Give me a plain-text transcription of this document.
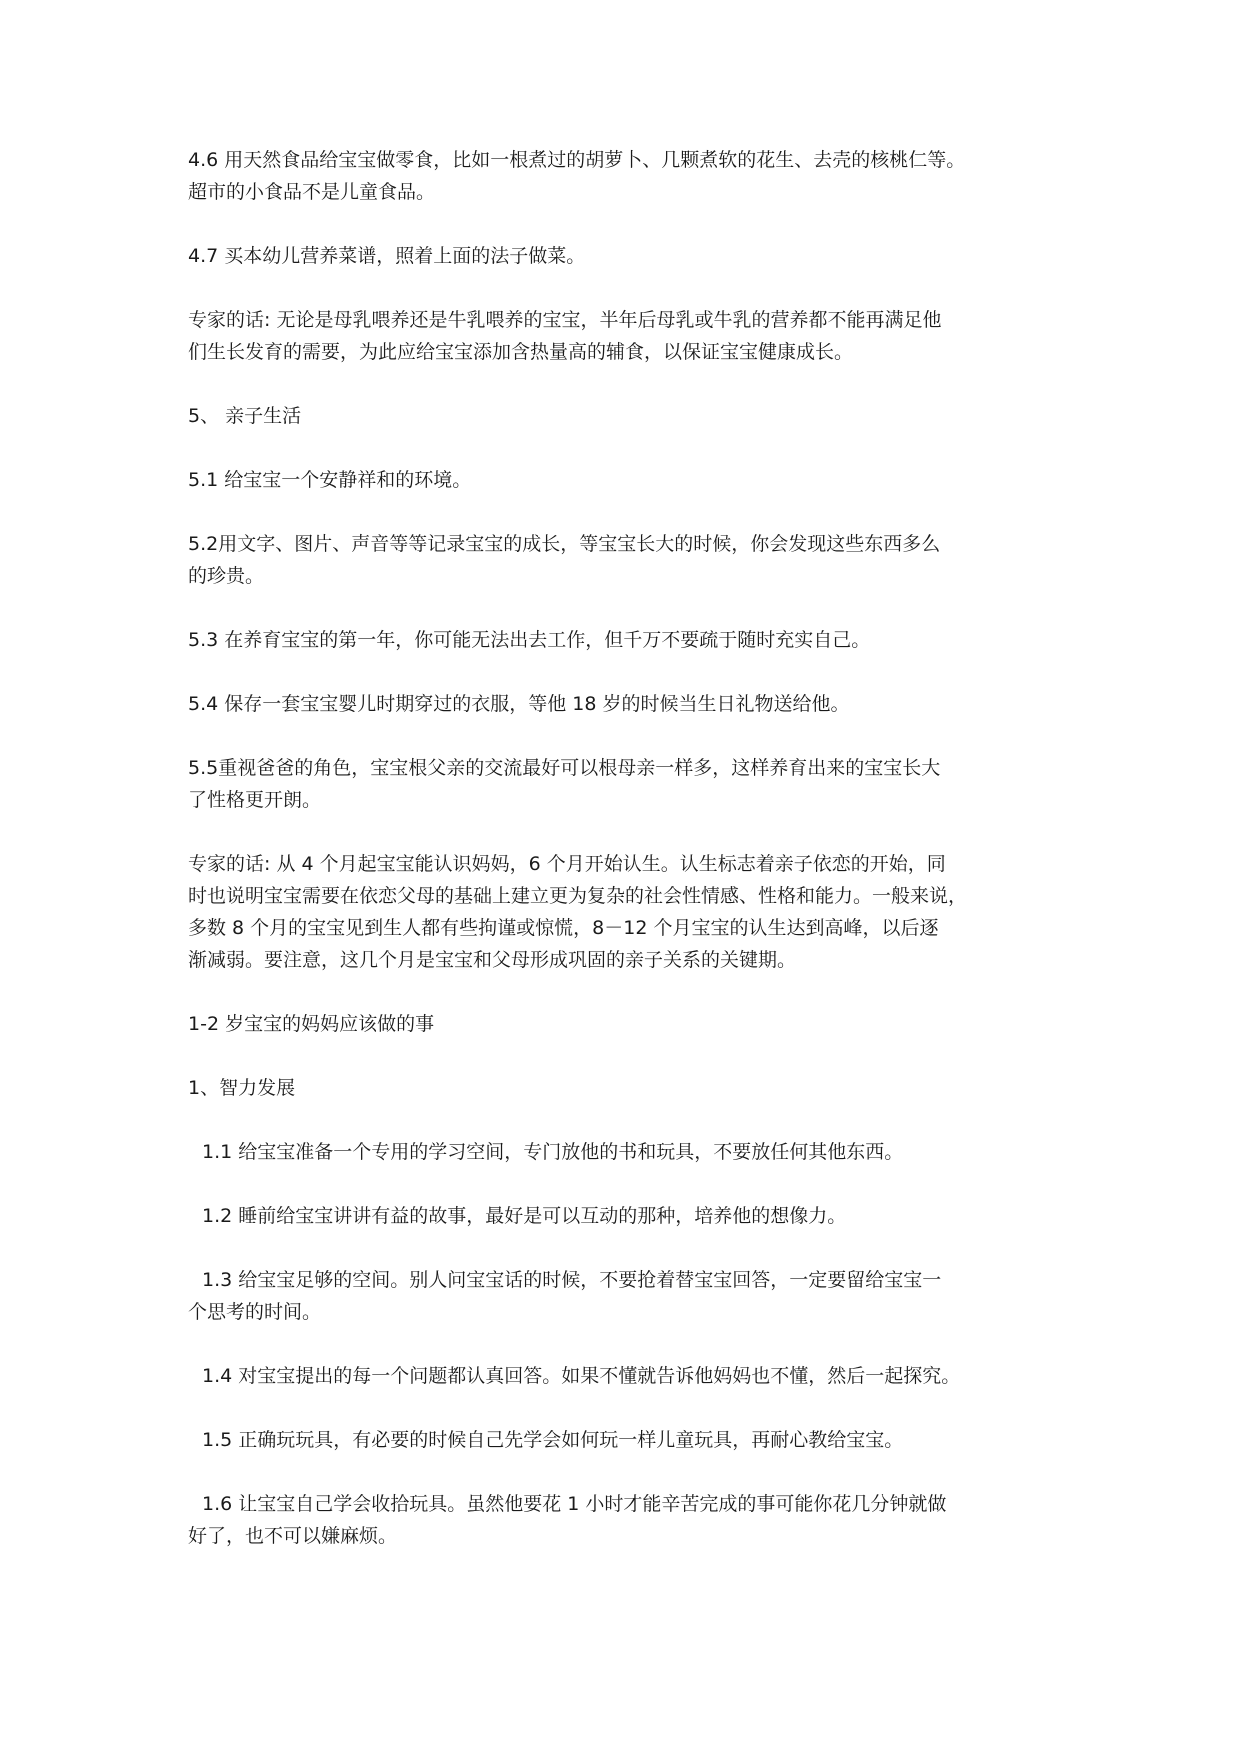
4.6 用天然食品给宝宝做零食，比如一根煮过的胡萝卜、几颗煮软的花生、去壳的核桃仁等。
超市的小食品不是儿童食品。
4.7 买本幼儿营养菜谱，照着上面的法子做菜。
专家的话: 无论是母乳喂养还是牛乳喂养的宝宝，半年后母乳或牛乳的营养都不能再满足他
们生长发育的需要，为此应给宝宝添加含热量高的辅食，以保证宝宝健康成长。
5、 亲子生活
5.1 给宝宝一个安静祥和的环境。
5.2用文字、图片、声音等等记录宝宝的成长，等宝宝长大的时候，你会发现这些东西多么
的珍贵。
5.3 在养育宝宝的第一年，你可能无法出去工作，但千万不要疏于随时充实自己。
5.4 保存一套宝宝婴儿时期穿过的衣服，等他 18 岁的时候当生日礼物送给他。
5.5重视爸爸的角色，宝宝根父亲的交流最好可以根母亲一样多，这样养育出来的宝宝长大
了性格更开朗。
专家的话: 从 4 个月起宝宝能认识妈妈，6 个月开始认生。认生标志着亲子依恋的开始，同
时也说明宝宝需要在依恋父母的基础上建立更为复杂的社会性情感、性格和能力。一般来说，
多数 8 个月的宝宝见到生人都有些拘谨或惊慌，8－12 个月宝宝的认生达到高峰，以后逐
渐减弱。要注意，这几个月是宝宝和父母形成巩固的亲子关系的关键期。
1-2 岁宝宝的妈妈应该做的事
1、智力发展
1.1 给宝宝准备一个专用的学习空间，专门放他的书和玩具，不要放任何其他东西。
1.2 睡前给宝宝讲讲有益的故事，最好是可以互动的那种，培养他的想像力。
1.3 给宝宝足够的空间。别人问宝宝话的时候，不要抢着替宝宝回答，一定要留给宝宝一
个思考的时间。
1.4 对宝宝提出的每一个问题都认真回答。如果不懂就告诉他妈妈也不懂，然后一起探究。
1.5 正确玩玩具，有必要的时候自己先学会如何玩一样儿童玩具，再耐心教给宝宝。
1.6 让宝宝自己学会收拾玩具。虽然他要花 1 小时才能辛苦完成的事可能你花几分钟就做
好了，也不可以嫌麻烦。
